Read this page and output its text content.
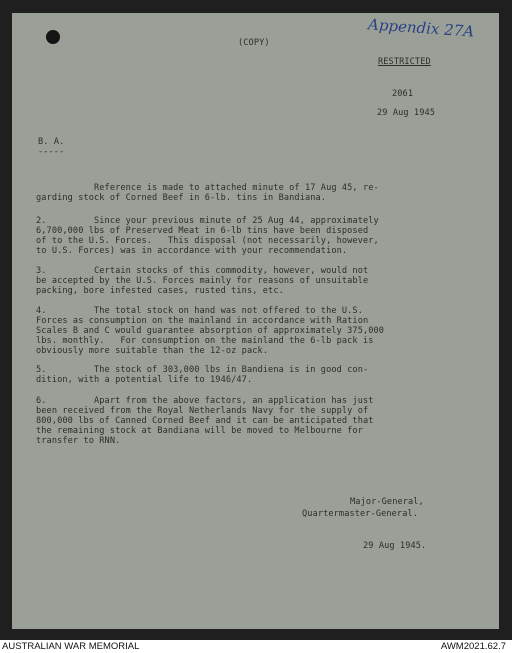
Appendix 27A
(COPY)
RESTRICTED
2061
29 Aug 1945
B. A.
-----
Reference is made to attached minute of 17 Aug 45, re-
garding stock of Corned Beef in 6-lb. tins in Bandiana.
2.         Since your previous minute of 25 Aug 44, approximately
6,700,000 lbs of Preserved Meat in 6-lb tins have been disposed
of to the U.S. Forces.   This disposal (not necessarily, however,
to U.S. Forces) was in accordance with your recommendation.
3.         Certain stocks of this commodity, however, would not
be accepted by the U.S. Forces mainly for reasons of unsuitable
packing, bore infested cases, rusted tins, etc.
4.         The total stock on hand was not offered to the U.S.
Forces as consumption on the mainland in accordance with Ration
Scales B and C would guarantee absorption of approximately 375,000
lbs. monthly.   For consumption on the mainland the 6-lb pack is
obviously more suitable than the 12-oz pack.
5.         The stock of 303,000 lbs in Bandiena is in good con-
dition, with a potential life to 1946/47.
6.         Apart from the above factors, an application has just
been received from the Royal Netherlands Navy for the supply of
800,000 lbs of Canned Corned Beef and it can be anticipated that
the remaining stock at Bandiana will be moved to Melbourne for
transfer to RNN.
Major-General,
Quartermaster-General.
29 Aug 1945.
AUSTRALIAN WAR MEMORIAL	AWM2021.62.7
